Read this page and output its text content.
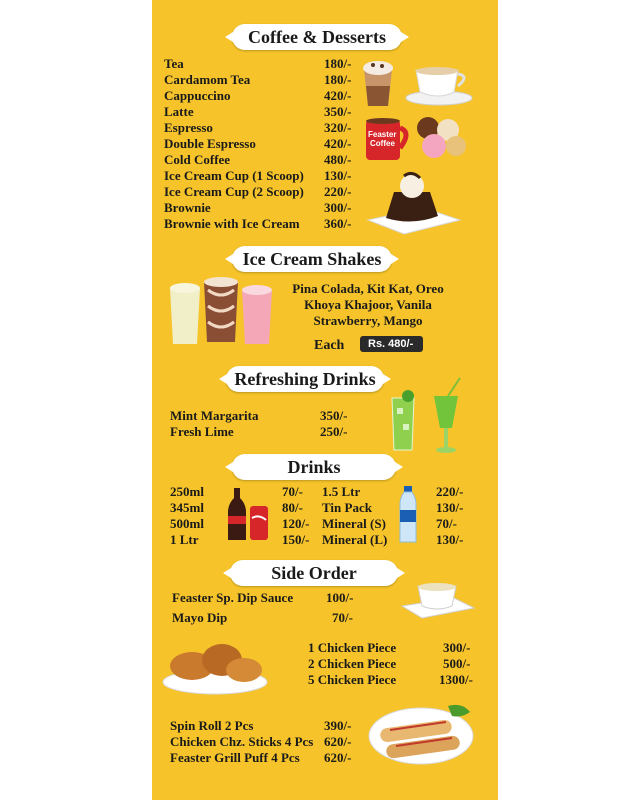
Coffee & Desserts
Tea	180/-
Cardamom Tea	180/-
Cappuccino	420/-
Latte	350/-
Espresso	320/-
Double Espresso	420/-
Cold Coffee	480/-
Ice Cream Cup (1 Scoop) 130/-
Ice Cream Cup (2 Scoop) 220/-
Brownie	300/-
Brownie with Ice Cream 360/-
Feaster
Coffee
Ice Cream Shakes
Pina Colada, Kit Kat, Oreo
Khoya Khajoor, Vanila
Strawberry, Mango
Each	Rs. 480/-
Refreshing Drinks
Mint Margarita	350/-
Fresh Lime	250/-
Drinks
250ml	70/-
345ml	80/-
500ml	120/-
1 Ltr	150/-
1.5 Ltr	220/-
Tin Pack	130/-
Mineral (S)	70/-
Mineral (L)	130/-
Side Order
Feaster Sp. Dip Sauce	100/-
Mayo Dip	70/-
1 Chicken Piece	300/-
2 Chicken Piece	500/-
5 Chicken Piece	1300/-
Spin Roll 2 Pcs	390/-
Chicken Chz. Sticks 4 Pcs 620/-
Feaster Grill Puff 4 Pcs 620/-
